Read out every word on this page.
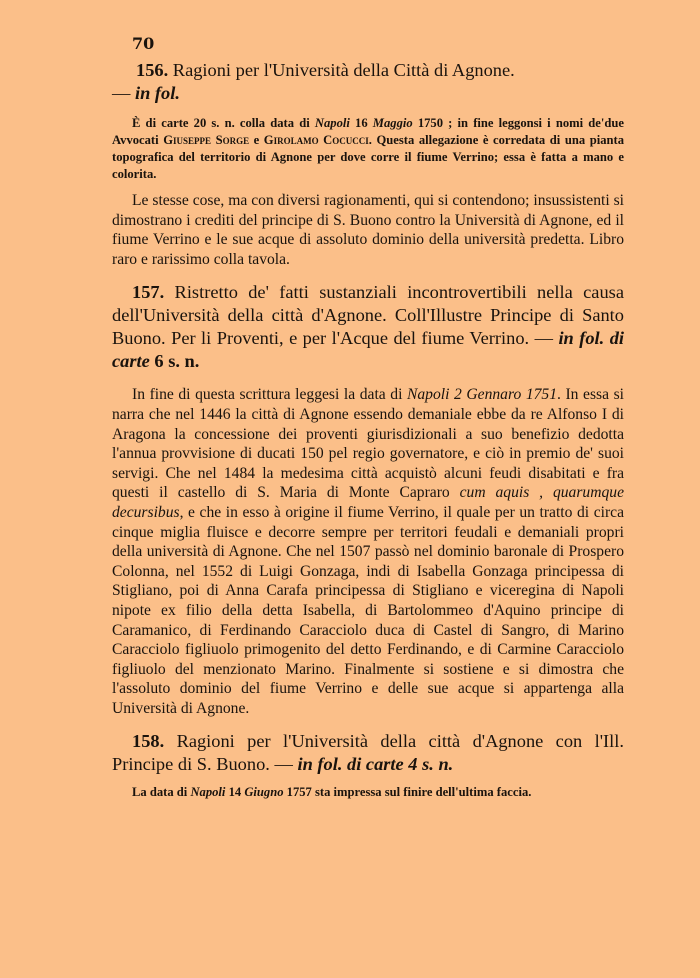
70

156. Ragioni per l'Università della Città di Agnone.

— in fol.

È di carte 20 s. n. colla data di Napoli 16 Maggio 1750 ; in fine leggonsi i nomi de'due Avvocati Giuseppe Sorge e Girolamo Cocucci. Questa allegazione è corredata di una pianta topografica del territorio di Agnone per dove corre il fiume Verrino; essa è fatta a mano e colorita.

Le stesse cose, ma con diversi ragionamenti, qui si contendono; insussistenti si dimostrano i crediti del principe di S. Buono contro la Università di Agnone, ed il fiume Verrino e le sue acque di assoluto dominio della università predetta. Libro raro e rarissimo colla tavola.

157. Ristretto de' fatti sustanziali incontrovertibili nella causa dell'Università della città d'Agnone. Coll'Illustre Principe di Santo Buono. Per li Proventi, e per l'Acque del fiume Verrino. — in fol. di carte 6 s. n.

In fine di questa scrittura leggesi la data di Napoli 2 Gennaro 1751. In essa si narra che nel 1446 la città di Agnone essendo demaniale ebbe da re Alfonso I di Aragona la concessione dei proventi giurisdizionali a suo benefizio dedotta l'annua provvisione di ducati 150 pel regio governatore, e ciò in premio de' suoi servigi. Che nel 1484 la medesima città acquistò alcuni feudi disabitati e fra questi il castello di S. Maria di Monte Capraro cum aquis , quarumque decursibus, e che in esso à origine il fiume Verrino, il quale per un tratto di circa cinque miglia fluisce e decorre sempre per territori feudali e demaniali propri della università di Agnone. Che nel 1507 passò nel dominio baronale di Prospero Colonna, nel 1552 di Luigi Gonzaga, indi di Isabella Gonzaga principessa di Stigliano, poi di Anna Carafa principessa di Stigliano e viceregina di Napoli nipote ex filio della detta Isabella, di Bartolommeo d'Aquino principe di Caramanico, di Ferdinando Caracciolo duca di Castel di Sangro, di Marino Caracciolo figliuolo primogenito del detto Ferdinando, e di Carmine Caracciolo figliuolo del menzionato Marino. Finalmente si sostiene e si dimostra che l'assoluto dominio del fiume Verrino e delle sue acque si appartenga alla Università di Agnone.

158. Ragioni per l'Università della città d'Agnone con l'Ill. Principe di S. Buono. — in fol. di carte 4 s. n.

La data di Napoli 14 Giugno 1757 sta impressa sul finire dell'ultima faccia.
